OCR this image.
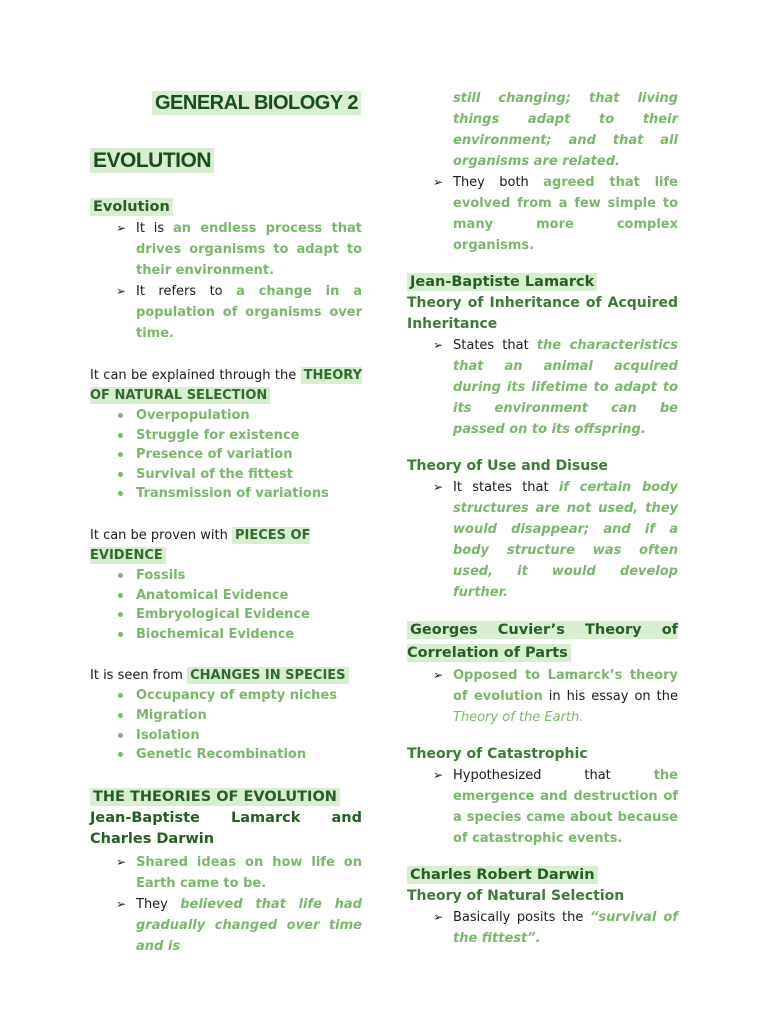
GENERAL BIOLOGY 2
EVOLUTION

Evolution

➢ It is an endless process that drives organisms to adapt to their environment.
➢ It refers to a change in a population of organisms over time.

It can be explained through the THEORY OF NATURAL SELECTION

Overpopulation
Struggle for existence
Presence of variation
Survival of the fittest
Transmission of variations

It can be proven with PIECES OF EVIDENCE

Fossils
Anatomical Evidence
Embryological Evidence
Biochemical Evidence

It is seen from CHANGES IN SPECIES

Occupancy of empty niches
Migration
Isolation
Genetic Recombination

THE THEORIES OF EVOLUTION

Jean-Baptiste Lamarck and Charles Darwin

➢ Shared ideas on how life on Earth came to be.
➢ They believed that life had gradually changed over time and is
still changing; that living things adapt to their environment; and that all organisms are related.
➢ They both agreed that life evolved from a few simple to many more complex organisms.

Jean-Baptiste Lamarck

Theory of Inheritance of Acquired Inheritance

➢ States that the characteristics that an animal acquired during its lifetime to adapt to its environment can be passed on to its offspring.

Theory of Use and Disuse

➢ It states that if certain body structures are not used, they would disappear; and if a body structure was often used, it would develop further.

Georges Cuvier’s Theory of Correlation of Parts

➢ Opposed to Lamarck’s theory of evolution in his essay on the Theory of the Earth.

Theory of Catastrophic

➢ Hypothesized that the emergence and destruction of a species came about because of catastrophic events.

Charles Robert Darwin

Theory of Natural Selection

➢ Basically posits the “survival of the fittest”.
